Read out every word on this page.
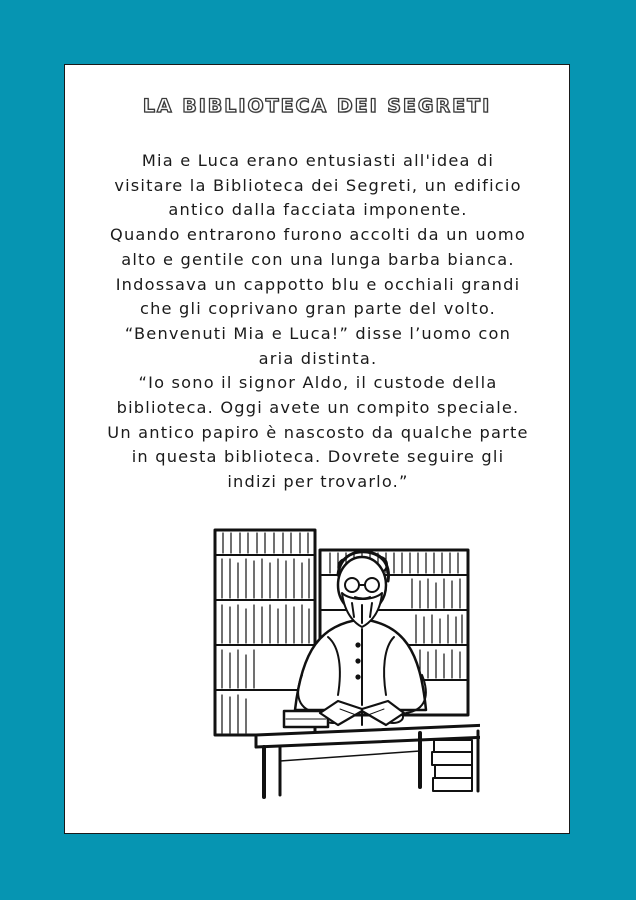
LA BIBLIOTECA DEI SEGRETI
Mia e Luca erano entusiasti all'idea di
visitare la Biblioteca dei Segreti, un edificio
antico dalla facciata imponente.
Quando entrarono furono accolti da un uomo
alto e gentile con una lunga barba bianca.
Indossava un cappotto blu e occhiali grandi
che gli coprivano gran parte del volto.
“Benvenuti Mia e Luca!” disse l’uomo con
aria distinta.
“Io sono il signor Aldo, il custode della
biblioteca. Oggi avete un compito speciale.
Un antico papiro è nascosto da qualche parte
in questa biblioteca. Dovrete seguire gli
indizi per trovarlo.”
